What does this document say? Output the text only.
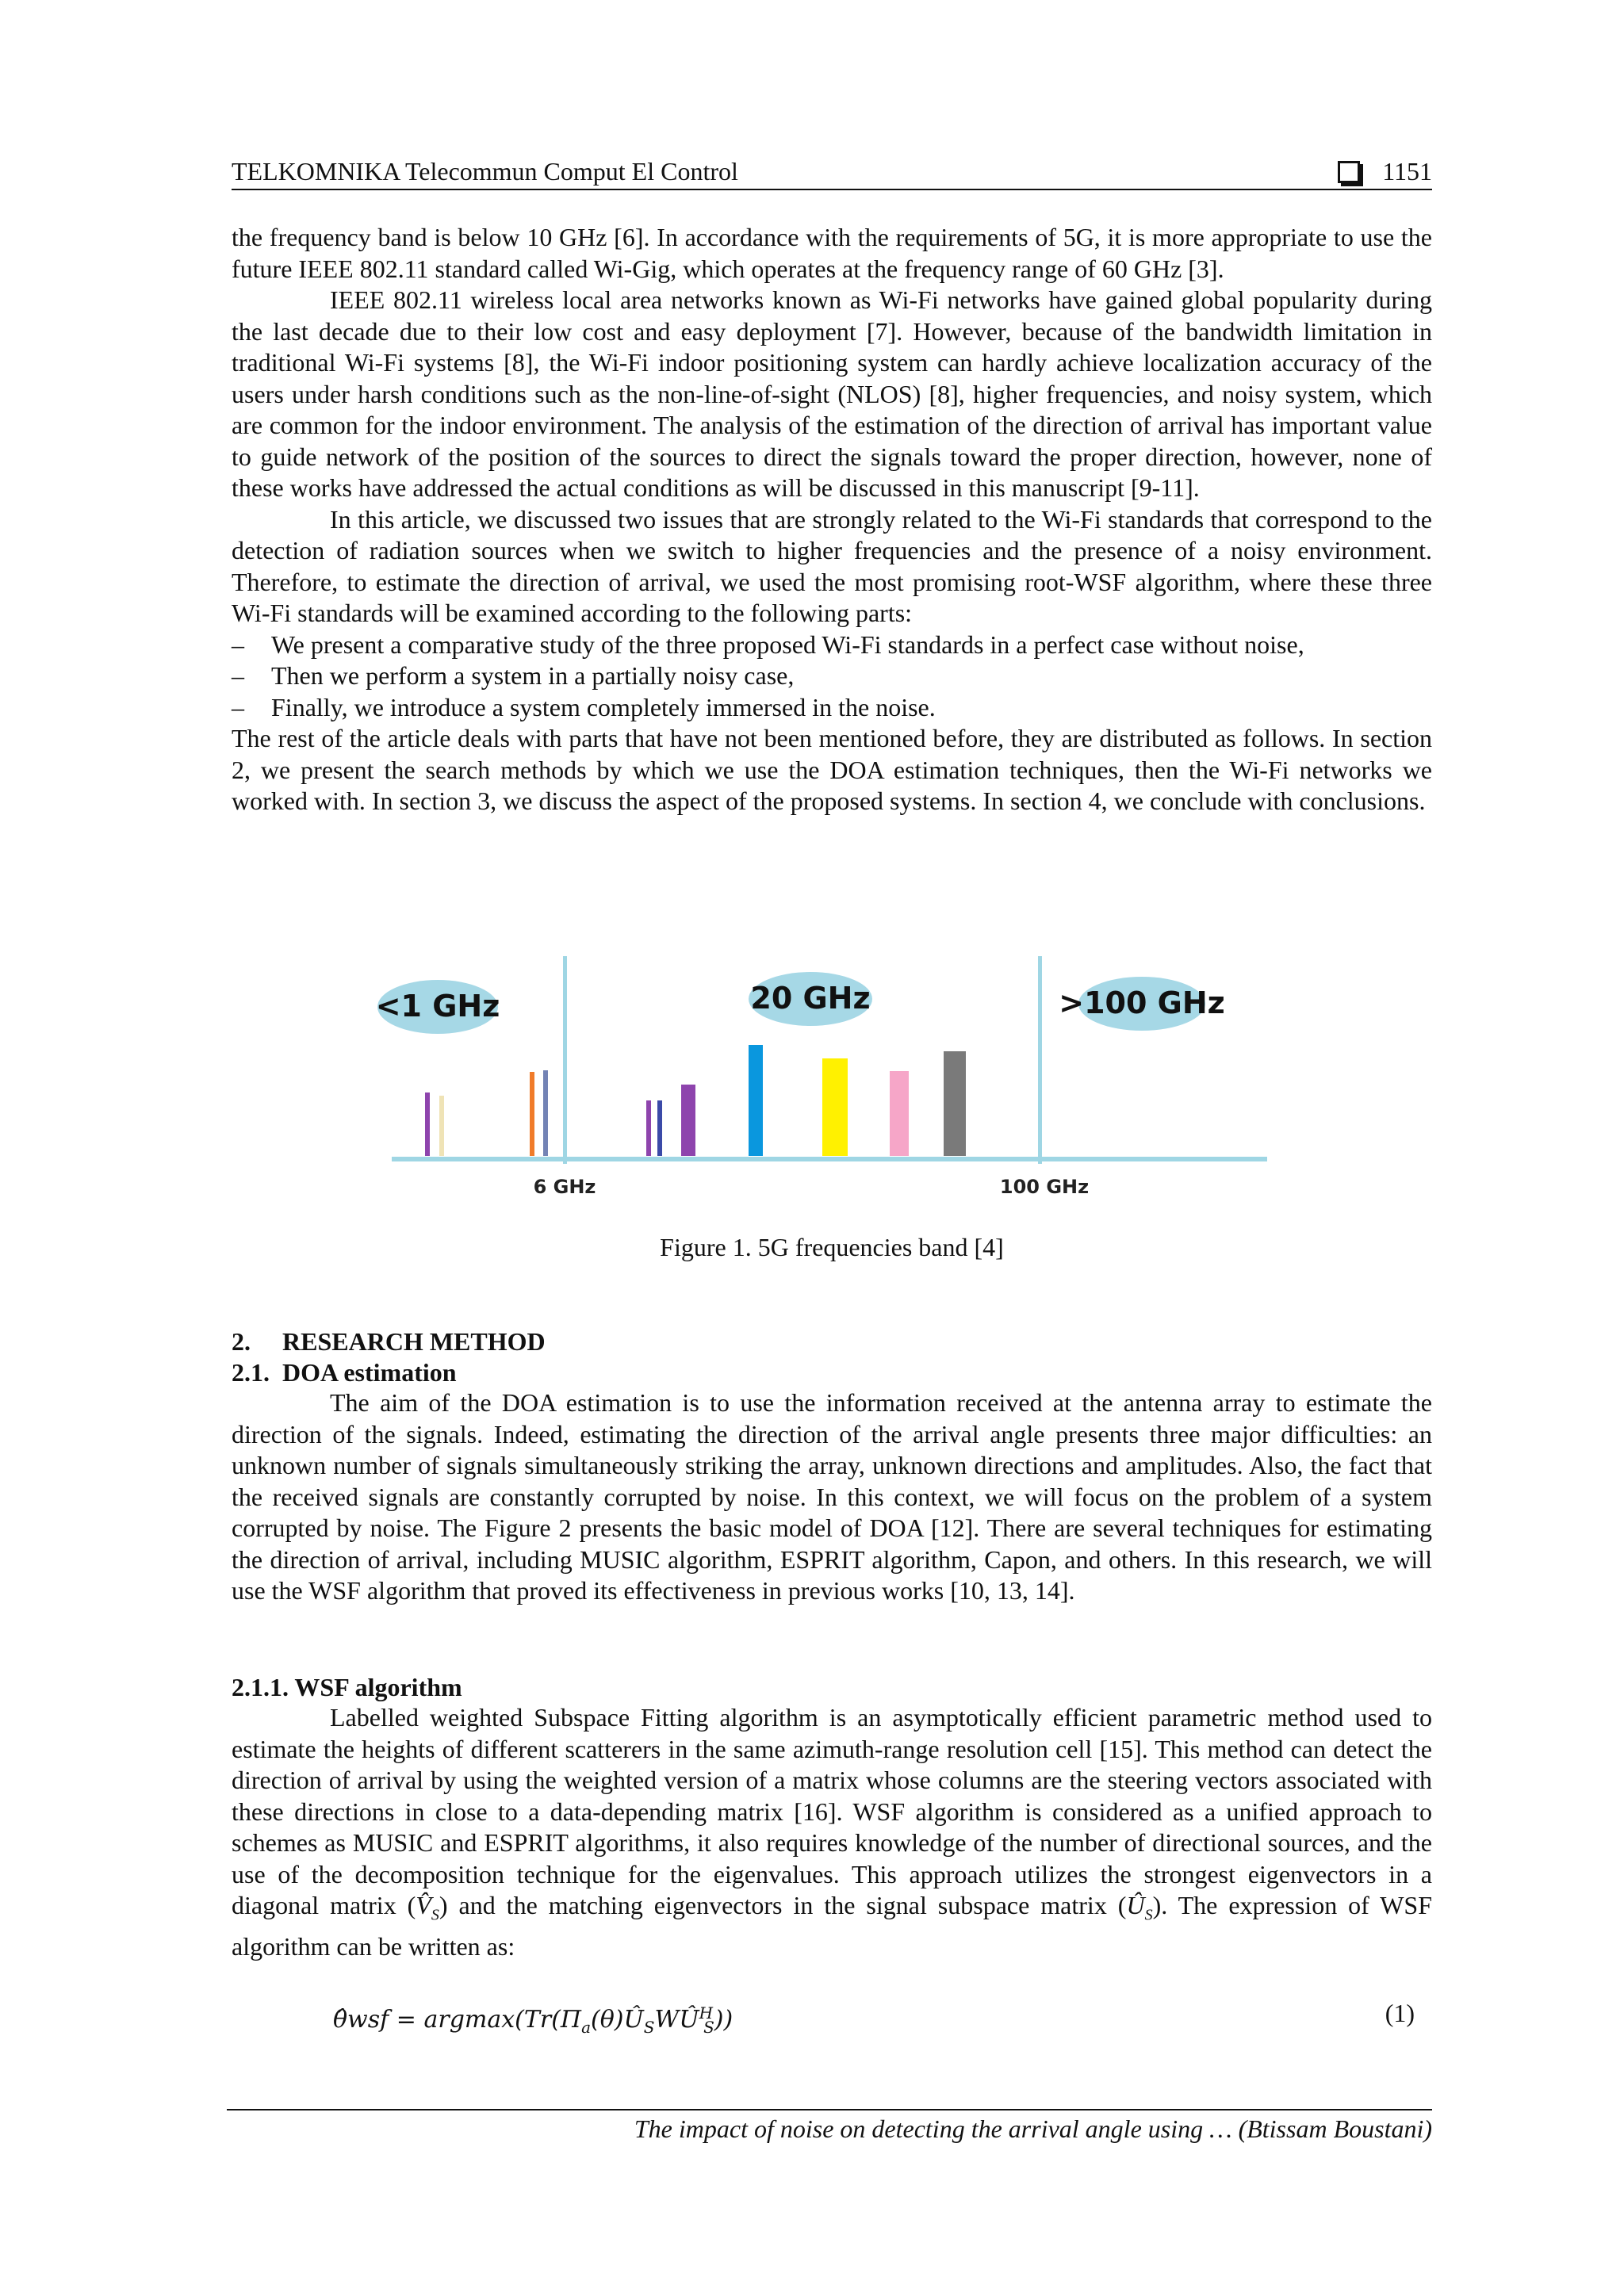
TELKOMNIKA Telecommun Comput El Control	1151

the frequency band is below 10 GHz [6]. In accordance with the requirements of 5G, it is more appropriate to use the future IEEE 802.11 standard called Wi-Gig, which operates at the frequency range of 60 GHz [3].

IEEE 802.11 wireless local area networks known as Wi-Fi networks have gained global popularity during the last decade due to their low cost and easy deployment [7]. However, because of the bandwidth limitation in traditional Wi-Fi systems [8], the Wi-Fi indoor positioning system can hardly achieve localization accuracy of the users under harsh conditions such as the non-line-of-sight (NLOS) [8], higher frequencies, and noisy system, which are common for the indoor environment. The analysis of the estimation of the direction of arrival has important value to guide network of the position of the sources to direct the signals toward the proper direction, however, none of these works have addressed the actual conditions as will be discussed in this manuscript [9-11].

In this article, we discussed two issues that are strongly related to the Wi-Fi standards that correspond to the detection of radiation sources when we switch to higher frequencies and the presence of a noisy environment. Therefore, to estimate the direction of arrival, we used the most promising root-WSF algorithm, where these three Wi-Fi standards will be examined according to the following parts:

–	We present a comparative study of the three proposed Wi-Fi standards in a perfect case without noise,
–	Then we perform a system in a partially noisy case,
–	Finally, we introduce a system completely immersed in the noise.

The rest of the article deals with parts that have not been mentioned before, they are distributed as follows. In section 2, we present the search methods by which we use the DOA estimation techniques, then the Wi-Fi networks we worked with. In section 3, we discuss the aspect of the proposed systems. In section 4, we conclude with conclusions.

<1 GHz	20 GHz	>100 GHz
6 GHz	100 GHz
Figure 1. 5G frequencies band [4]
2.     RESEARCH METHOD
2.1.  DOA estimation

The aim of the DOA estimation is to use the information received at the antenna array to estimate the direction of the signals. Indeed, estimating the direction of the arrival angle presents three major difficulties: an unknown number of signals simultaneously striking the array, unknown directions and amplitudes. Also, the fact that the received signals are constantly corrupted by noise. In this context, we will focus on the problem of a system corrupted by noise. The Figure 2 presents the basic model of DOA [12]. There are several techniques for estimating the direction of arrival, including MUSIC algorithm, ESPRIT algorithm, Capon, and others. In this research, we will use the WSF algorithm that proved its effectiveness in previous works [10, 13, 14].

2.1.1. WSF algorithm

Labelled weighted Subspace Fitting algorithm is an asymptotically efficient parametric method used to estimate the heights of different scatterers in the same azimuth-range resolution cell [15]. This method can detect the direction of arrival by using the weighted version of a matrix whose columns are the steering vectors associated with these directions in close to a data-depending matrix [16]. WSF algorithm is considered as a unified approach to schemes as MUSIC and ESPRIT algorithms, it also requires knowledge of the number of directional sources, and the use of the decomposition technique for the eigenvalues. This approach utilizes the strongest eigenvectors in a diagonal matrix $(V̂_S)$ and the matching eigenvectors in the signal subspace matrix $(Û_S)$. The expression of WSF algorithm can be written as:

θ̂wsf = $argmax(Tr(\Pi_a(\theta)Û_SWÛ^H_S))$	(1)
The impact of noise on detecting the arrival angle using … (Btissam Boustani)
